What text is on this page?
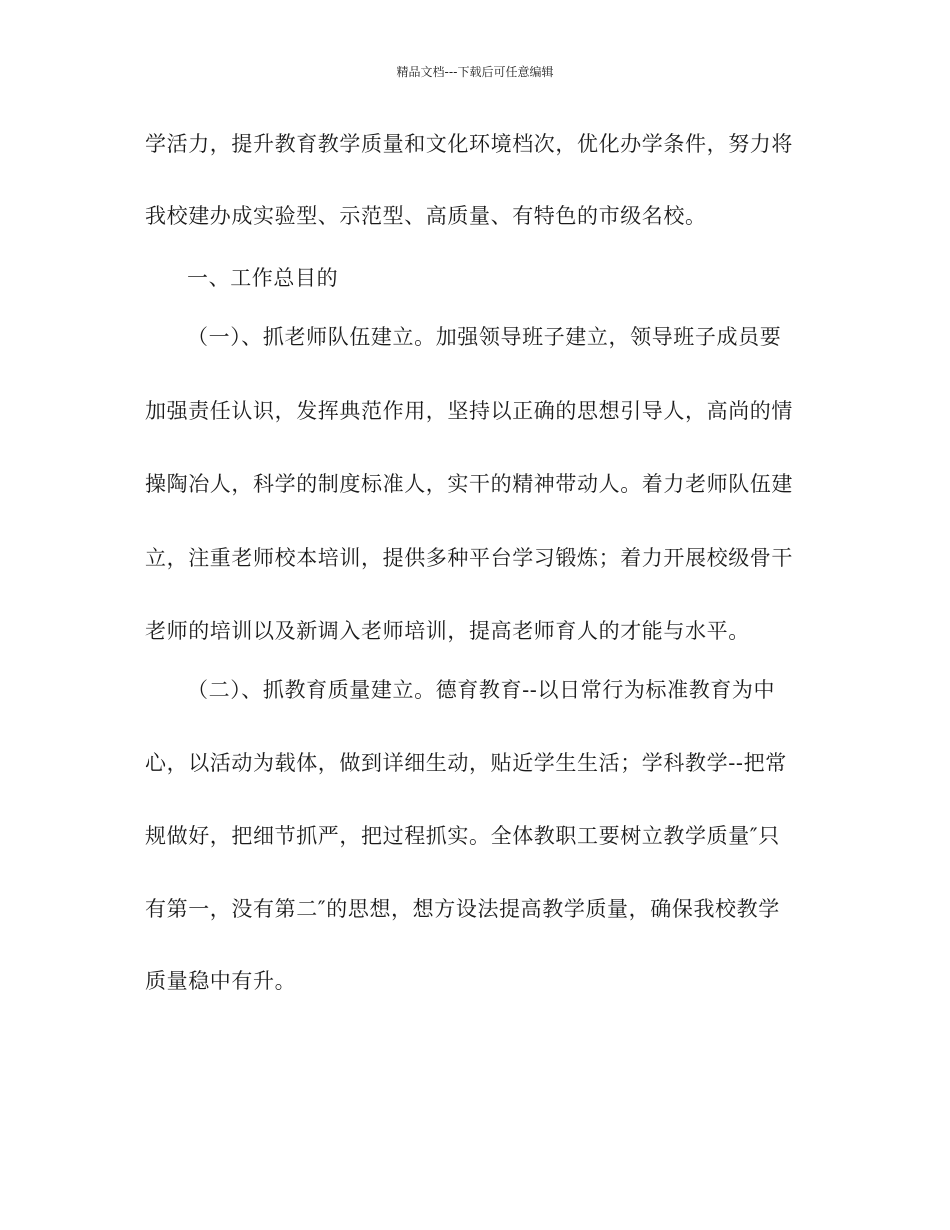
精品文档---下载后可任意编辑
学活力，提升教育教学质量和文化环境档次，优化办学条件，努力将
我校建办成实验型、示范型、高质量、有特色的市级名校。
一、工作总目的
（一）、抓老师队伍建立。加强领导班子建立，领导班子成员要
加强责任认识，发挥典范作用，坚持以正确的思想引导人，高尚的情
操陶冶人，科学的制度标准人，实干的精神带动人。着力老师队伍建
立，注重老师校本培训，提供多种平台学习锻炼；着力开展校级骨干
老师的培训以及新调入老师培训，提高老师育人的才能与水平。
（二）、抓教育质量建立。德育教育--以日常行为标准教育为中
心，以活动为载体，做到详细生动，贴近学生生活；学科教学--把常
规做好，把细节抓严，把过程抓实。全体教职工要树立教学质量″只
有第一，没有第二″的思想，想方设法提高教学质量，确保我校教学
质量稳中有升。
